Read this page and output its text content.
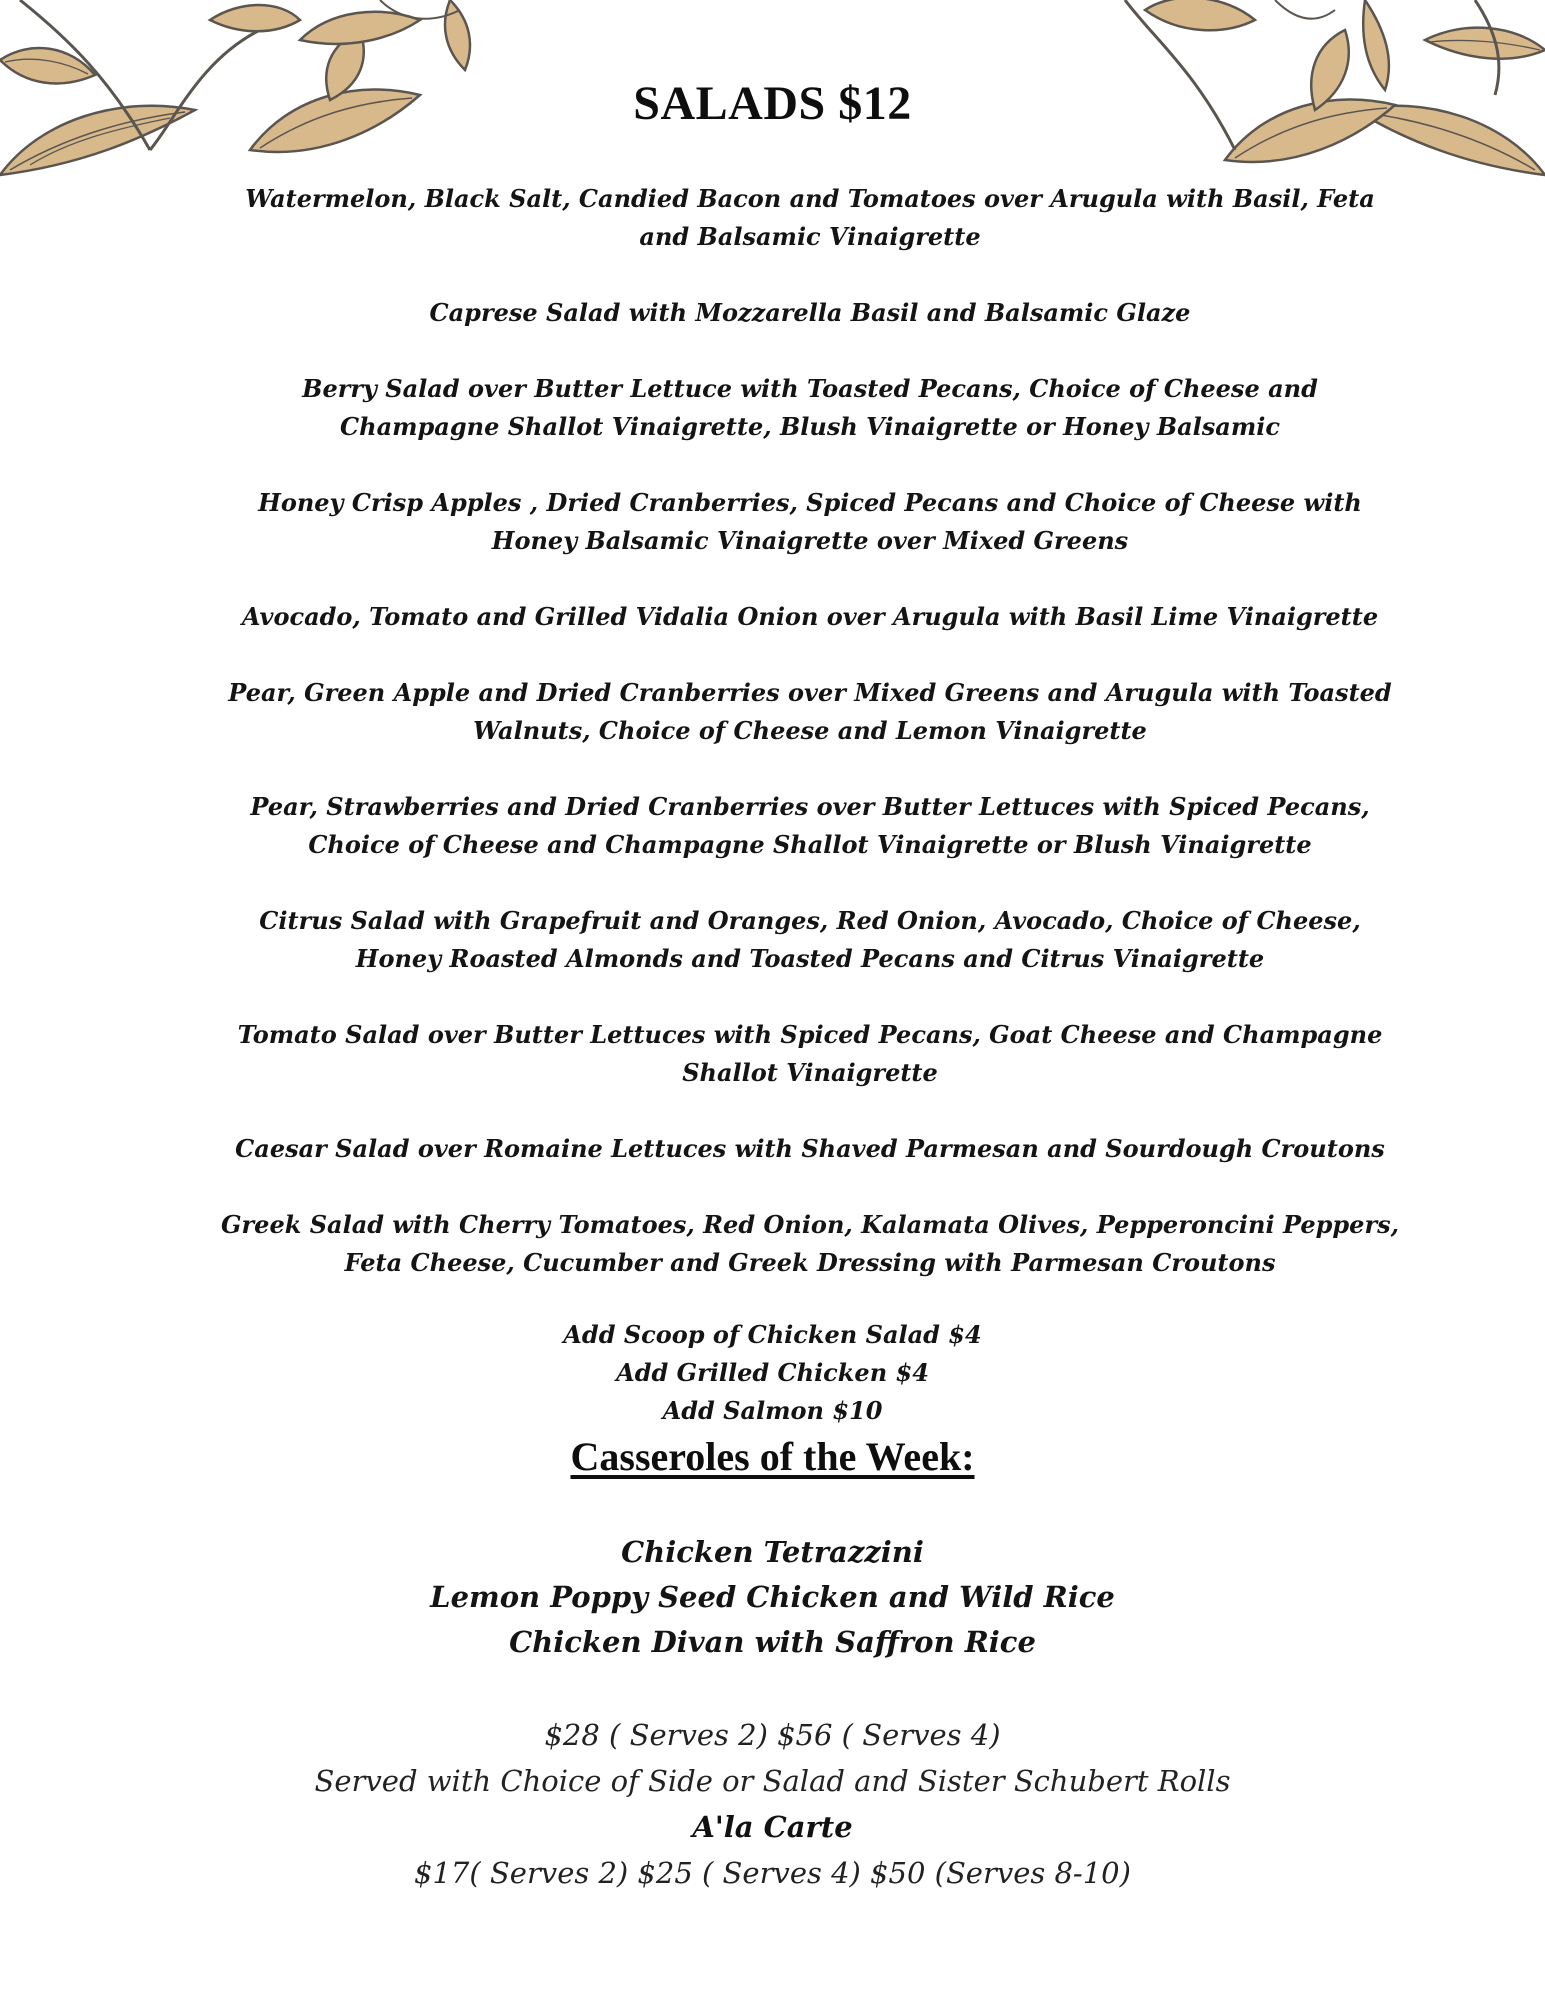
SALADS $12
Watermelon, Black Salt, Candied Bacon and Tomatoes over Arugula with Basil, Feta and Balsamic Vinaigrette
Caprese Salad with Mozzarella Basil and Balsamic Glaze
Berry Salad over Butter Lettuce with Toasted Pecans, Choice of Cheese and Champagne Shallot Vinaigrette, Blush Vinaigrette or Honey Balsamic
Honey Crisp Apples , Dried Cranberries, Spiced Pecans and Choice of Cheese with Honey Balsamic Vinaigrette over Mixed Greens
Avocado, Tomato and Grilled Vidalia Onion over Arugula with Basil Lime Vinaigrette
Pear, Green Apple and Dried Cranberries over Mixed Greens and Arugula with Toasted Walnuts, Choice of Cheese and Lemon Vinaigrette
Pear, Strawberries and Dried Cranberries over Butter Lettuces with Spiced Pecans, Choice of Cheese and Champagne Shallot Vinaigrette or Blush Vinaigrette
Citrus Salad with Grapefruit and Oranges, Red Onion, Avocado, Choice of Cheese, Honey Roasted Almonds and Toasted Pecans and Citrus Vinaigrette
Tomato Salad over Butter Lettuces with Spiced Pecans, Goat Cheese and Champagne Shallot Vinaigrette
Caesar Salad over Romaine Lettuces with Shaved Parmesan and Sourdough Croutons
Greek Salad with Cherry Tomatoes, Red Onion, Kalamata Olives, Pepperoncini Peppers, Feta Cheese, Cucumber and Greek Dressing with Parmesan Croutons
Add Scoop of Chicken Salad $4
Add Grilled Chicken $4
Add Salmon $10
Casseroles of the Week:
Chicken Tetrazzini
Lemon Poppy Seed Chicken and Wild Rice
Chicken Divan with Saffron Rice
$28 ( Serves 2) $56 ( Serves 4)
Served with Choice of Side or Salad and Sister Schubert Rolls
A'la Carte
$17( Serves 2) $25 ( Serves 4) $50 (Serves 8-10)
